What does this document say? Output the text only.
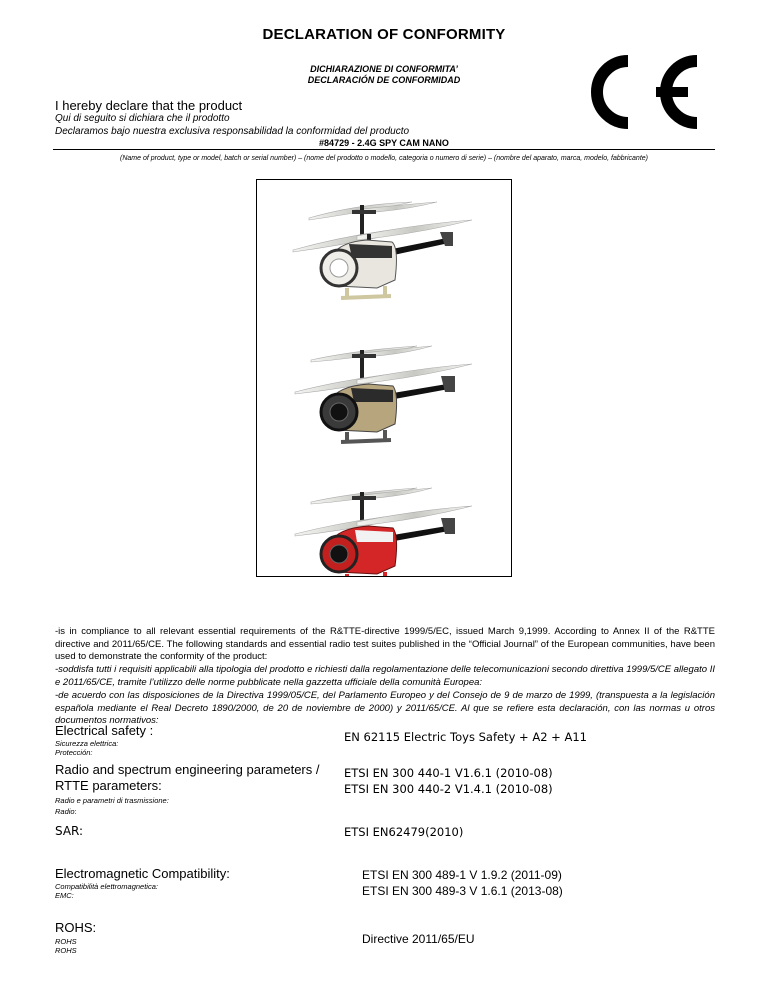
DECLARATION OF CONFORMITY
DICHIARAZIONE DI CONFORMITA’
DECLARACIÓN DE CONFORMIDAD
I hereby declare that the product
Qui di seguito si dichiara che il prodotto
Declaramos bajo nuestra exclusiva responsabilidad la conformidad del producto
#84729 - 2.4G SPY CAM NANO
(Name of product, type or model, batch or serial number) – (nome del prodotto o modello, categoria o numero di serie) – (nombre del aparato, marca, modelo, fabbricante)
-is in compliance to all relevant essential requirements of the R&TTE-directive 1999/5/EC, issued March 9,1999. According to Annex II of the R&TTE directive and 2011/65/CE. The following standards and essential radio test suites published in the “Official Journal” of the European communities, have been used to demonstrate the conformity of the product:
-soddisfa tutti i requisiti applicabili alla tipologia del prodotto e richiesti dalla regolamentazione delle telecomunicazioni secondo direttiva 1999/5/CE allegato II e 2011/65/CE, tramite l’utilizzo delle norme pubblicate nella gazzetta ufficiale della comunità Europea:
-de acuerdo con las disposiciones de la Directiva 1999/05/CE, del Parlamento Europeo y del Consejo de 9 de marzo de 1999, (transpuesta a la legislación española mediante el Real Decreto 1890/2000, de 20 de noviembre de 2000) y 2011/65/CE. Al que se refiere esta declaración, con las normas u otros documentos normativos:
Electrical safety :
Sicurezza elettrica:
Protección:
EN 62115 Electric Toys Safety + A2 + A11
Radio and spectrum engineering parameters /
RTTE parameters:
Radio e parametri di trasmissione:
Radio:
ETSI EN 300 440-1 V1.6.1 (2010-08)
ETSI EN 300 440-2 V1.4.1 (2010-08)
SAR:	ETSI EN62479(2010)
Electromagnetic Compatibility:
Compatibilità elettromagnetica:
EMC:
ETSI EN 300 489-1 V 1.9.2 (2011-09)
ETSI EN 300 489-3 V 1.6.1 (2013-08)
ROHS:
ROHS
ROHS
Directive 2011/65/EU
